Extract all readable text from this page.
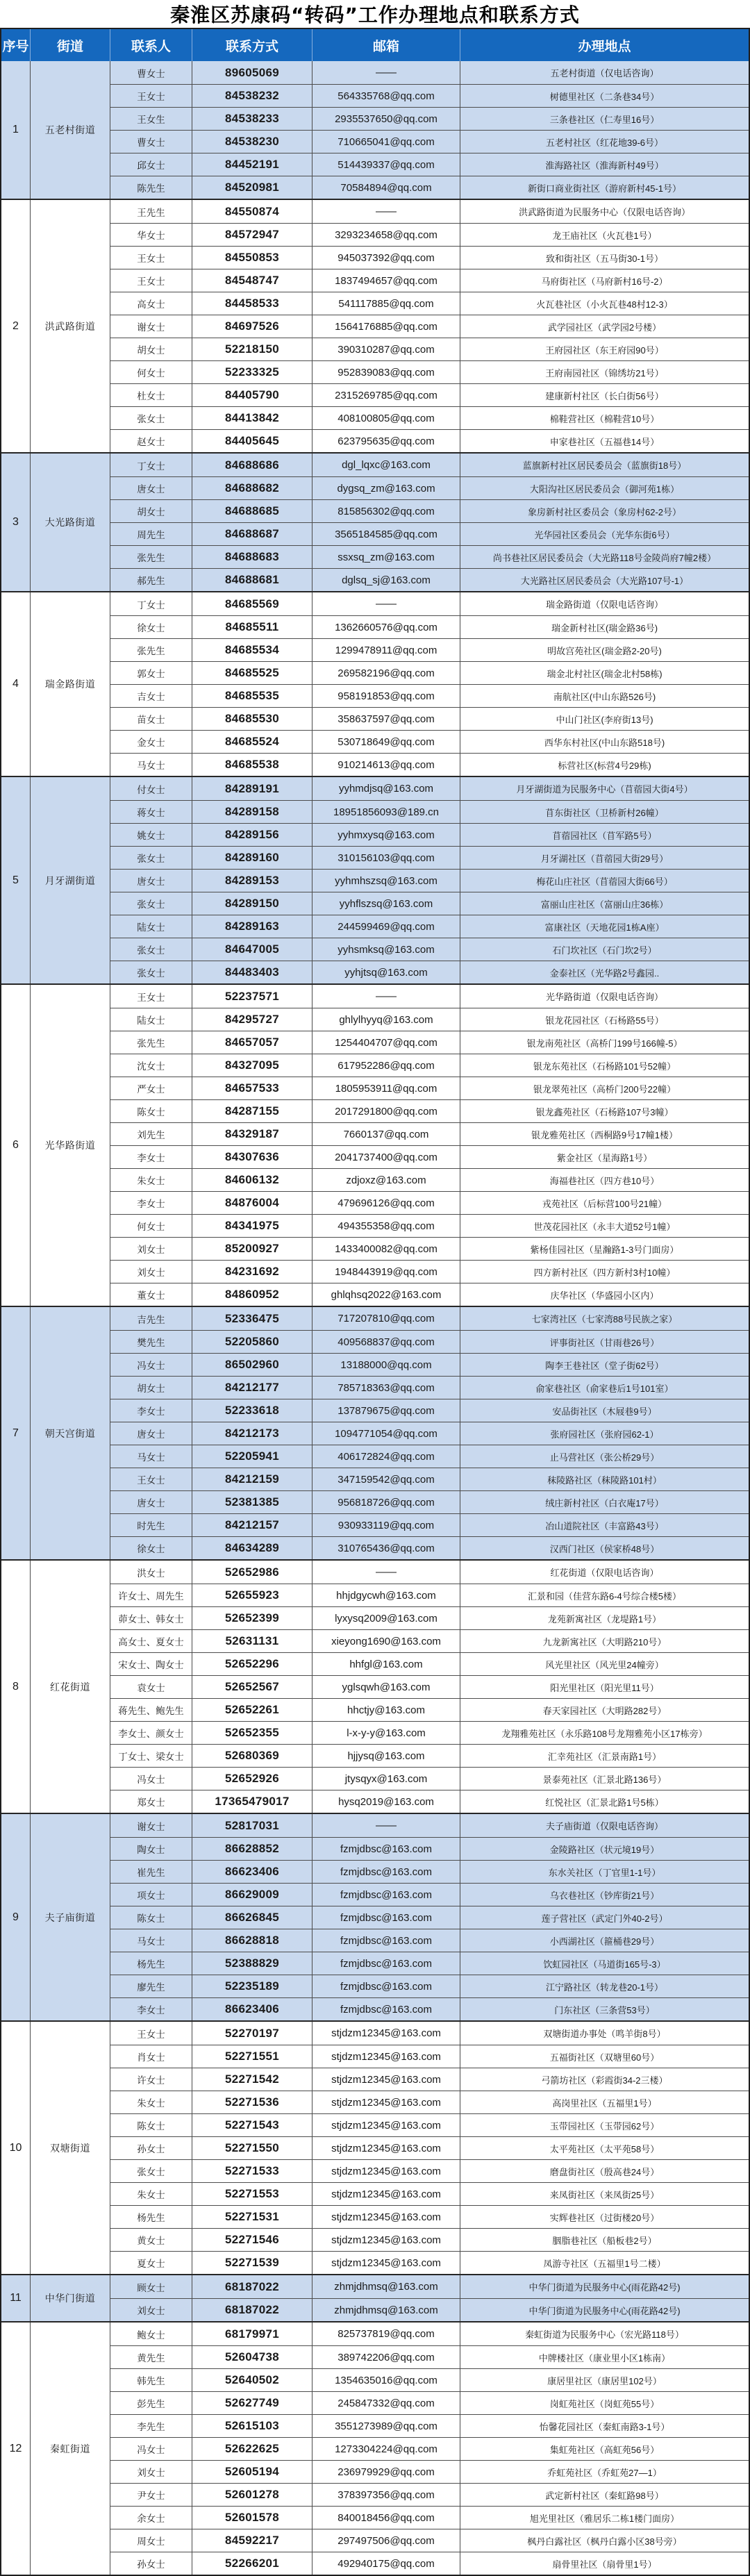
秦淮区苏康码“转码”工作办理地点和联系方式
序号	街道	联系人	联系方式	邮箱	办理地点
1	五老村街道
曹女士	89605069	——	五老村街道（仅电话咨询）
王女士	84538232	564335768@qq.com	树德里社区（二条巷34号）
王女生	84538233	2935537650@qq.com	三条巷社区（仁寿里16号）
曹女士	84538230	710665041@qq.com	五老村社区（红花地39-6号）
邱女士	84452191	514439337@qq.com	淮海路社区（淮海新村49号）
陈先生	84520981	70584894@qq.com	新街口商业街社区（游府新村45-1号）
2	洪武路街道
王先生	84550874	——	洪武路街道为民服务中心（仅限电话咨询）
华女士	84572947	3293234658@qq.com	龙王庙社区（火瓦巷1号）
王女士	84550853	945037392@qq.com	致和街社区（五马街30-1号）
王女士	84548747	1837494657@qq.com	马府街社区（马府新村16号-2）
高女士	84458533	541117885@qq.com	火瓦巷社区（小火瓦巷48村12-3）
谢女士	84697526	1564176885@qq.com	武学园社区（武学园2号楼）
胡女士	52218150	390310287@qq.com	王府园社区（东王府园90号）
何女士	52233325	952839083@qq.com	王府南园社区（锦绣坊21号）
杜女士	84405790	2315269785@qq.com	建康新村社区（长白街56号）
张女士	84413842	408100805@qq.com	棉鞋营社区（棉鞋营10号）
赵女士	84405645	623795635@qq.com	申家巷社区（五福巷14号）
3	大光路街道
丁女士	84688686	dgl_lqxc@163.com	蓝旗新村社区居民委员会（蓝旗街18号）
唐女士	84688682	dygsq_zm@163.com	大阳沟社区居民委员会（御河苑1栋）
胡女士	84688685	815856302@qq.com	象房新村社区委员会（象房村62-2号）
周先生	84688687	3565184585@qq.com	光华园社区委员会（光华东街6号）
张先生	84688683	ssxsq_zm@163.com	尚书巷社区居民委员会（大光路118号金陵尚府7幢2楼）
郝先生	84688681	dglsq_sj@163.com	大光路社区居民委员会（大光路107号-1）
4	瑞金路街道
丁女士	84685569	——	瑞金路街道（仅限电话咨询）
徐女士	84685511	1362660576@qq.com	瑞金新村社区(瑞金路36号)
张先生	84685534	1299478911@qq.com	明故宫苑社区(瑞金路2-20号)
郭女士	84685525	269582196@qq.com	瑞金北村社区(瑞金北村58栋)
吉女士	84685535	958191853@qq.com	南航社区(中山东路526号)
苗女士	84685530	358637597@qq.com	中山门社区(李府街13号)
金女士	84685524	530718649@qq.com	西华东村社区(中山东路518号)
马女士	84685538	910214613@qq.com	标营社区(标营4号29栋)
5	月牙湖街道
付女士	84289191	yyhmdjsq@163.com	月牙湖街道为民服务中心（苜蓿园大街4号）
蒋女士	84289158	18951856093@189.cn	苜东街社区（卫桥新村26幢）
姚女士	84289156	yyhmxysq@163.com	苜蓿园社区（苜军路5号）
张女士	84289160	310156103@qq.com	月牙湖社区（苜蓿园大街29号）
唐女士	84289153	yyhmhszsq@163.com	梅花山庄社区（苜蓿园大街66号）
张女士	84289150	yyhflszsq@163.com	富丽山庄社区（富丽山庄36栋）
陆女士	84289163	244599469@qq.com	富康社区（天地花园1栋A座）
张女士	84647005	yyhsmksq@163.com	石门坎社区（石门坎2号）
张女士	84483403	yyhjtsq@163.com	金泰社区（光华路2号鑫园..
6	光华路街道
王女士	52237571	——	光华路街道（仅限电话咨询）
陆女士	84295727	ghlylhyyq@163.com	银龙花园社区（石杨路55号）
张先生	84657057	1254404707@qq.com	银龙南苑社区（高桥门199号166幢-5）
沈女士	84327095	617952286@qq.com	银龙东苑社区（石杨路101号52幢）
严女士	84657533	1805953911@qq.com	银龙翠苑社区（高桥门200号22幢）
陈女士	84287155	2017291800@qq.com	银龙鑫苑社区（石杨路107号3幢）
刘先生	84329187	7660137@qq.com	银龙雅苑社区（西桐路9号17幢1楼）
李女士	84307636	2041737400@qq.com	紫金社区（星海路1号）
朱女士	84606132	zdjoxz@163.com	海福巷社区（四方巷10号）
李女士	84876004	479696126@qq.com	戎苑社区（后标营100号21幢）
何女士	84341975	494355358@qq.com	世茂花园社区（永丰大道52号1幢）
刘女士	85200927	1433400082@qq.com	紫杨佳园社区（星瀚路1-3号门面房）
刘女士	84231692	1948443919@qq.com	四方新村社区（四方新村3村10幢）
董女士	84860952	ghlqhsq2022@163.com	庆华社区（华盛园小区内）
7	朝天宫街道
吉先生	52336475	717207810@qq.com	七家湾社区（七家湾88号民族之家）
樊先生	52205860	409568837@qq.com	评事街社区（甘雨巷26号）
冯女士	86502960	13188000@qq.com	陶李王巷社区（堂子街62号）
胡女士	84212177	785718363@qq.com	俞家巷社区（俞家巷后1号101室）
李女士	52233618	137879675@qq.com	安品街社区（木屐巷9号）
唐女士	84212173	1094771054@qq.com	张府园社区（张府园62-1）
马女士	52205941	406172824@qq.com	止马营社区（张公桥29号）
王女士	84212159	347159542@qq.com	秣陵路社区（秣陵路101村）
唐女士	52381385	956818726@qq.com	绒庄新村社区（白衣庵17号）
时先生	84212157	930933119@qq.com	冶山道院社区（丰富路43号）
徐女士	84634289	310765436@qq.com	汉西门社区（侯家桥48号）
8	红花街道
洪女士	52652986	——	红花街道（仅限电话咨询）
许女士、周先生	52655923	hhjdgycwh@163.com	汇景和园（佳营东路6-4号综合楼5楼）
茆女士、韩女士	52652399	lyxysq2009@163.com	龙苑新寓社区（龙堤路1号）
高女士、夏女士	52631131	xieyong1690@163.com	九龙新寓社区（大明路210号）
宋女士、陶女士	52652296	hhfgl@163.com	风光里社区（风光里24幢旁）
袁女士	52652567	yglsqwh@163.com	阳光里社区（阳光里11号）
蒋先生、鲍先生	52652261	hhctjy@163.com	春天家园社区（大明路282号）
李女士、颜女士	52652355	l-x-y-y@163.com	龙翔雅苑社区（永乐路108号龙翔雅苑小区17栋旁）
丁女士、梁女士	52680369	hjjysq@163.com	汇幸苑社区（汇景南路1号）
冯女士	52652926	jtysqyx@163.com	景泰苑社区（汇景北路136号）
郑女士	17365479017	hysq2019@163.com	红悦社区（汇景北路1号5栋）
9	夫子庙街道
谢女士	52817031	——	夫子庙街道（仅限电话咨询）
陶女士	86628852	fzmjdbsc@163.com	金陵路社区（状元境19号）
崔先生	86623406	fzmjdbsc@163.com	东水关社区（丁官里1-1号）
项女士	86629009	fzmjdbsc@163.com	乌衣巷社区（钞库街21号）
陈女士	86626845	fzmjdbsc@163.com	莲子营社区（武定门外40-2号）
马女士	86628818	fzmjdbsc@163.com	小西湖社区（箍桶巷29号）
杨先生	52388829	fzmjdbsc@163.com	饮虹园社区（马道街165号-3）
廖先生	52235189	fzmjdbsc@163.com	江宁路社区（转龙巷20-1号）
李女士	86623406	fzmjdbsc@163.com	门东社区（三条营53号）
10	双塘街道
王女士	52270197	stjdzm12345@163.com	双塘街道办事处（鸣羊街8号）
肖女士	52271551	stjdzm12345@163.com	五福街社区（双塘里60号）
许女士	52271542	stjdzm12345@163.com	弓箭坊社区（彩霞街34-2三楼）
朱女士	52271536	stjdzm12345@163.com	高岗里社区（五福里1号）
陈女士	52271543	stjdzm12345@163.com	玉带园社区（玉带园62号）
孙女士	52271550	stjdzm12345@163.com	太平苑社区（太平苑58号）
张女士	52271533	stjdzm12345@163.com	磨盘街社区（殷高巷24号）
朱女士	52271553	stjdzm12345@163.com	来凤街社区（来凤街25号）
杨先生	52271531	stjdzm12345@163.com	实辉巷社区（过街楼20号）
黄女士	52271546	stjdzm12345@163.com	胭脂巷社区（船板巷2号）
夏女士	52271539	stjdzm12345@163.com	凤游寺社区（五福里1号二楼）
11	中华门街道
顾女士	68187022	zhmjdhmsq@163.com	中华门街道为民服务中心(雨花路42号)
刘女士	68187022	zhmjdhmsq@163.com	中华门街道为民服务中心(雨花路42号)
12	秦虹街道
鲍女士	68179971	825737819@qq.com	秦虹街道为民服务中心（宏光路118号）
黄先生	52604738	389742206@qq.com	中牌楼社区（康业里小区1栋南）
韩先生	52640502	1354635016@qq.com	康居里社区（康居里102号）
彭先生	52627749	245847332@qq.com	岗虹苑社区（岗虹苑55号）
李先生	52615103	3551273989@qq.com	怡馨花园社区（秦虹南路3-1号）
冯女士	52622625	1273304224@qq.com	集虹苑社区（高虹苑56号）
刘女士	52605194	236979929@qq.com	乔虹苑社区（乔虹苑27—1）
尹女士	52601278	378397356@qq.com	武定新村社区（秦虹路98号）
余女士	52601578	840018456@qq.com	旭光里社区（雅居乐二栋1楼门面房）
周女士	84592217	297497506@qq.com	枫丹白露社区（枫丹白露小区38号旁）
孙女士	52266201	492940175@qq.com	扇骨里社区（扇骨里1号）
